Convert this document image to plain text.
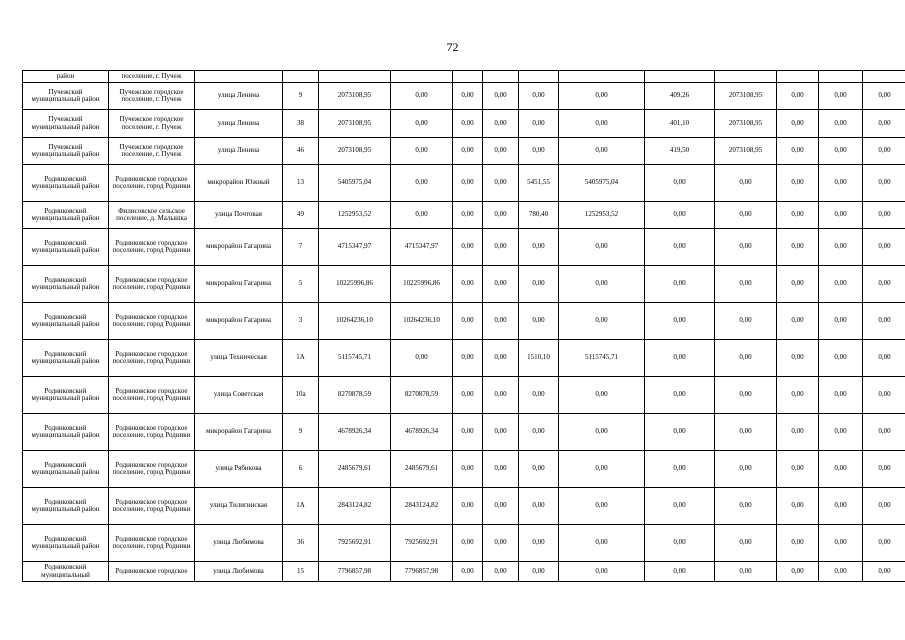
72
район	поселение, г. Пучеж													
Пучежский муниципальный район	Пучежское городское поселение, г. Пучеж	улица Ленина	9	2073108,95	0,00	0,00	0,00	0,00	0,00	409,26	2073108,95	0,00	0,00	0,00
Пучежский муниципальный район	Пучежское городское поселение, г. Пучеж	улица Ленина	38	2073108,95	0,00	0,00	0,00	0,00	0,00	401,10	2073108,95	0,00	0,00	0,00
Пучежский муниципальный район	Пучежское городское поселение, г. Пучеж	улица Ленина	46	2073108,95	0,00	0,00	0,00	0,00	0,00	419,50	2073108,95	0,00	0,00	0,00
Родниковский муниципальный район	Родниковское городское поселение, город Родники	микрорайон Южный	13	5405975,04	0,00	0,00	0,00	5451,55	5405975,04	0,00	0,00	0,00	0,00	0,00
Родниковский муниципальный район	Филисовское сельское поселение, д. Малышка	улица Почтовая	49	1252953,52	0,00	0,00	0,00	780,40	1252953,52	0,00	0,00	0,00	0,00	0,00
Родниковский муниципальный район	Родниковское городское поселение, город Родники	микрорайон Гагарина	7	4715347,97	4715347,97	0,00	0,00	0,00	0,00	0,00	0,00	0,00	0,00	0,00
Родниковский муниципальный район	Родниковское городское поселение, город Родники	микрорайон Гагарина	5	10225996,86	10225996,86	0,00	0,00	0,00	0,00	0,00	0,00	0,00	0,00	0,00
Родниковский муниципальный район	Родниковское городское поселение, город Родники	микрорайон Гагарина	3	10264236,10	10264236,10	0,00	0,00	0,00	0,00	0,00	0,00	0,00	0,00	0,00
Родниковский муниципальный район	Родниковское городское поселение, город Родники	улица Техническая	1А	5115745,71	0,00	0,00	0,00	1510,10	5115745,71	0,00	0,00	0,00	0,00	0,00
Родниковский муниципальный район	Родниковское городское поселение, город Родники	улица Советская	10а	8270878,59	8270878,59	0,00	0,00	0,00	0,00	0,00	0,00	0,00	0,00	0,00
Родниковский муниципальный район	Родниковское городское поселение, город Родники	микрорайон Гагарина	9	4678926,34	4678926,34	0,00	0,00	0,00	0,00	0,00	0,00	0,00	0,00	0,00
Родниковский муниципальный район	Родниковское городское поселение, город Родники	улица Рябикова	6	2485679,61	2485679,61	0,00	0,00	0,00	0,00	0,00	0,00	0,00	0,00	0,00
Родниковский муниципальный район	Родниковское городское поселение, город Родники	улица Тилигинская	1А	2843124,82	2843124,82	0,00	0,00	0,00	0,00	0,00	0,00	0,00	0,00	0,00
Родниковский муниципальный район	Родниковское городское поселение, город Родники	улица Любимова	36	7925692,91	7925692,91	0,00	0,00	0,00	0,00	0,00	0,00	0,00	0,00	0,00
Родниковский муниципальный	Родниковское городское	улица Любимова	15	7796857,98	7796857,98	0,00	0,00	0,00	0,00	0,00	0,00	0,00	0,00	0,00
